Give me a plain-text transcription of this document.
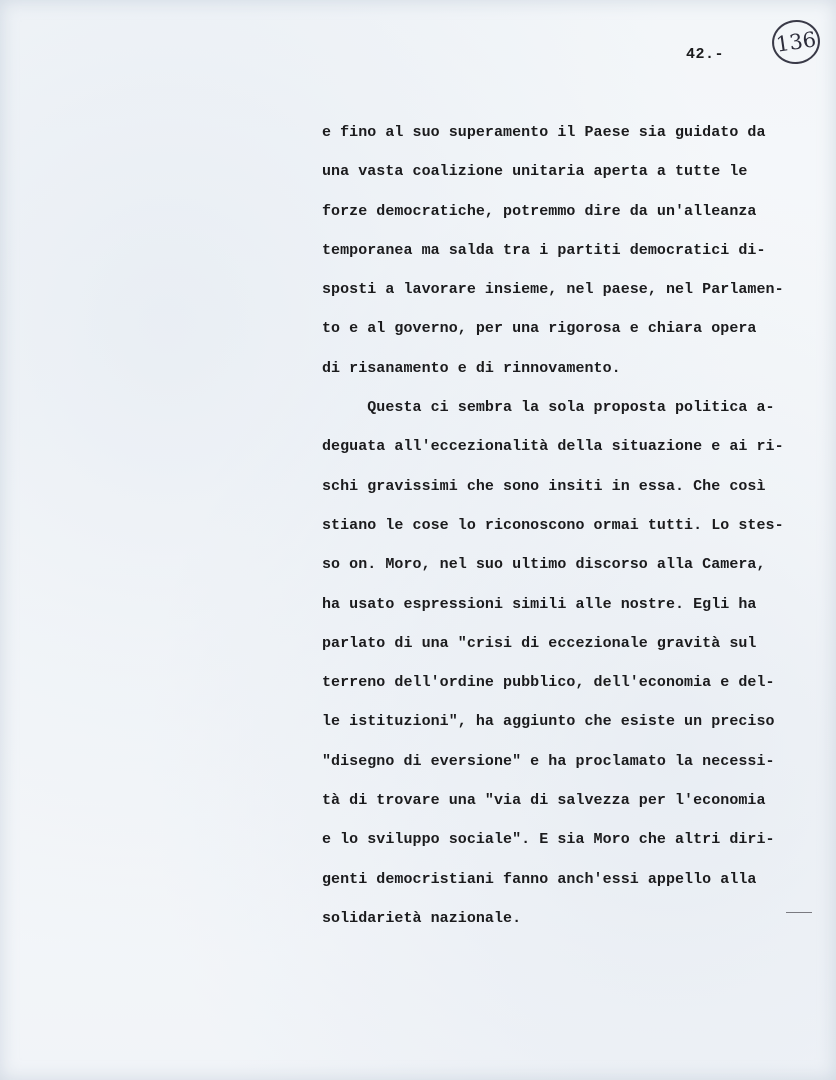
42.- 136
e fino al suo superamento il Paese sia guidato da
una vasta coalizione unitaria aperta a tutte le
forze democratiche, potremmo dire da un'alleanza
temporanea ma salda tra i partiti democratici di-
sposti a lavorare insieme, nel paese, nel Parlamen-
to e al governo, per una rigorosa e chiara opera
di risanamento e di rinnovamento.
Questa ci sembra la sola proposta politica a-
deguata all'eccezionalità della situazione e ai ri-
schi gravissimi che sono insiti in essa. Che così
stiano le cose lo riconoscono ormai tutti. Lo stes-
so on. Moro, nel suo ultimo discorso alla Camera,
ha usato espressioni simili alle nostre. Egli ha
parlato di una "crisi di eccezionale gravità sul
terreno dell'ordine pubblico, dell'economia e del-
le istituzioni", ha aggiunto che esiste un preciso
"disegno di eversione" e ha proclamato la necessi-
tà di trovare una "via di salvezza per l'economia
e lo sviluppo sociale". E sia Moro che altri diri-
genti democristiani fanno anch'essi appello alla
solidarietà nazionale.
